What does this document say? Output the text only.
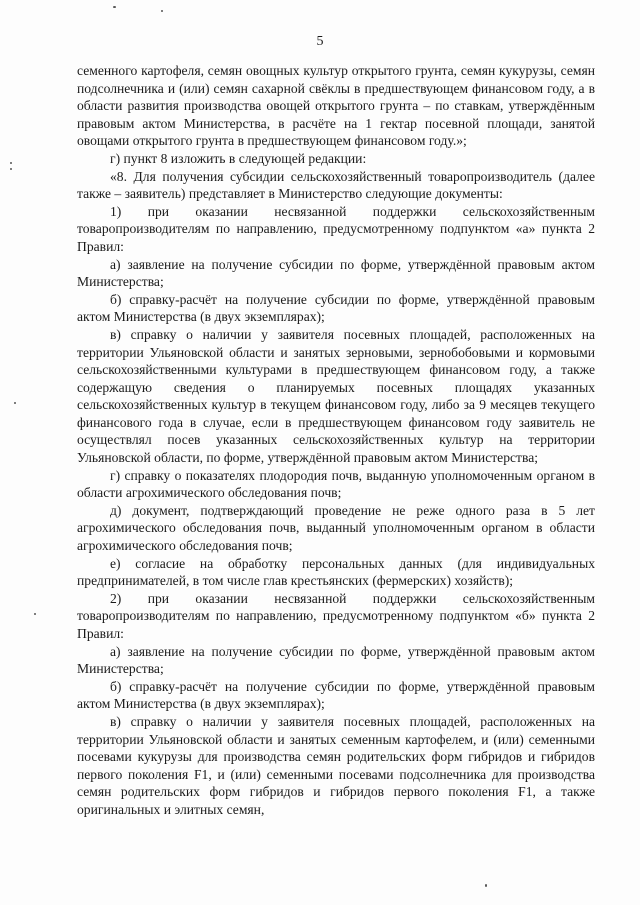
5

семенного картофеля, семян овощных культур открытого грунта, семян кукурузы, семян подсолнечника и (или) семян сахарной свёклы в предшествующем финансовом году, а в области развития производства овощей открытого грунта – по ставкам, утверждённым правовым актом Министерства, в расчёте на 1 гектар посевной площади, занятой овощами открытого грунта в предшествующем финансовом году.»;

г) пункт 8 изложить в следующей редакции:

«8. Для получения субсидии сельскохозяйственный товаропроизводитель (далее также – заявитель) представляет в Министерство следующие документы:

1) при оказании несвязанной поддержки сельскохозяйственным товаропроизводителям по направлению, предусмотренному подпунктом «а» пункта 2 Правил:

а) заявление на получение субсидии по форме, утверждённой правовым актом Министерства;

б) справку-расчёт на получение субсидии по форме, утверждённой правовым актом Министерства (в двух экземплярах);

в) справку о наличии у заявителя посевных площадей, расположенных на территории Ульяновской области и занятых зерновыми, зернобобовыми и кормовыми сельскохозяйственными культурами в предшествующем финансовом году, а также содержащую сведения о планируемых посевных площадях указанных сельскохозяйственных культур в текущем финансовом году, либо за 9 месяцев текущего финансового года в случае, если в предшествующем финансовом году заявитель не осуществлял посев указанных сельскохозяйственных культур на территории Ульяновской области, по форме, утверждённой правовым актом Министерства;

г) справку о показателях плодородия почв, выданную уполномоченным органом в области агрохимического обследования почв;

д) документ, подтверждающий проведение не реже одного раза в 5 лет агрохимического обследования почв, выданный уполномоченным органом в области агрохимического обследования почв;

е) согласие на обработку персональных данных (для индивидуальных предпринимателей, в том числе глав крестьянских (фермерских) хозяйств);

2) при оказании несвязанной поддержки сельскохозяйственным товаропроизводителям по направлению, предусмотренному подпунктом «б» пункта 2 Правил:

а) заявление на получение субсидии по форме, утверждённой правовым актом Министерства;

б) справку-расчёт на получение субсидии по форме, утверждённой правовым актом Министерства (в двух экземплярах);

в) справку о наличии у заявителя посевных площадей, расположенных на территории Ульяновской области и занятых семенным картофелем, и (или) семенными посевами кукурузы для производства семян родительских форм гибридов и гибридов первого поколения F1, и (или) семенными посевами подсолнечника для производства семян родительских форм гибридов и гибридов первого поколения F1, а также оригинальных и элитных семян,
